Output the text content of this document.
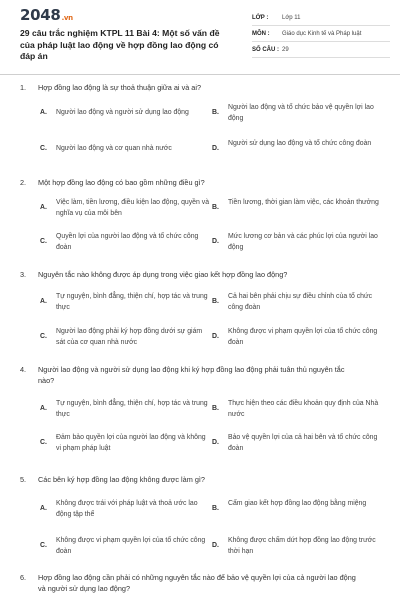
2048.vn
29 câu trắc nghiệm KTPL 11 Bài 4: Một số vấn đề của pháp luật lao động về hợp đồng lao động có đáp án
LỚP :	Lớp 11
MÔN :	Giáo dục Kinh tế và Pháp luật
SỐ CÂU : 29
1. Hợp đồng lao động là sự thoả thuận giữa ai và ai?
A. Người lao động và người sử dụng lao động	B.
Người lao động và tổ chức bảo vệ quyền lợi lao động
C. Người lao động và cơ quan nhà nước	D.
Người sử dụng lao động và tổ chức công đoàn
2. Một hợp đồng lao động có bao gồm những điều gì?
A.
Việc làm, tiền lương, điều kiện lao động, quyền và nghĩa vụ của môi bên
B.
Tiền lương, thời gian làm việc, các khoản thưởng
C.
Quyền lợi của người lao động và tổ chức công đoàn
D.
Mức lương cơ bản và các phúc lợi của người lao động
3. Nguyên tắc nào không được áp dụng trong việc giao kết hợp đồng lao động?
A.
Tự nguyện, bình đẳng, thiện chí, hợp tác và trung thực
B.
Cả hai bên phải chịu sự điều chỉnh của tổ chức công đoàn
C.
Người lao động phải ký hợp đồng dưới sự giám sát của cơ quan nhà nước
D.
Không được vi phạm quyền lợi của tổ chức công đoàn
4. Người lao động và người sử dụng lao động khi ký hợp đồng lao động phải tuân thủ nguyên tắc nào?
A.
Tự nguyện, bình đẳng, thiện chí, hợp tác và trung thực
B.
Thực hiện theo các điều khoản quy định của Nhà nước
C.
Đảm bảo quyền lợi của người lao động và không vi phạm pháp luật
D.
Bảo vệ quyền lợi của cả hai bên và tổ chức công đoàn
5. Các bên ký hợp đồng lao động không được làm gì?
A.
Không được trái với pháp luật và thoả ước lao động tập thể
B.
Cấm giao kết hợp đồng lao động bằng miệng
C.
Không được vi phạm quyền lợi của tổ chức công đoàn
D.
Không được chấm dứt hợp đồng lao động trước thời hạn
6. Hợp đồng lao động cần phải có những nguyên tắc nào để bảo vệ quyền lợi của cả người lao động và người sử dụng lao động?
